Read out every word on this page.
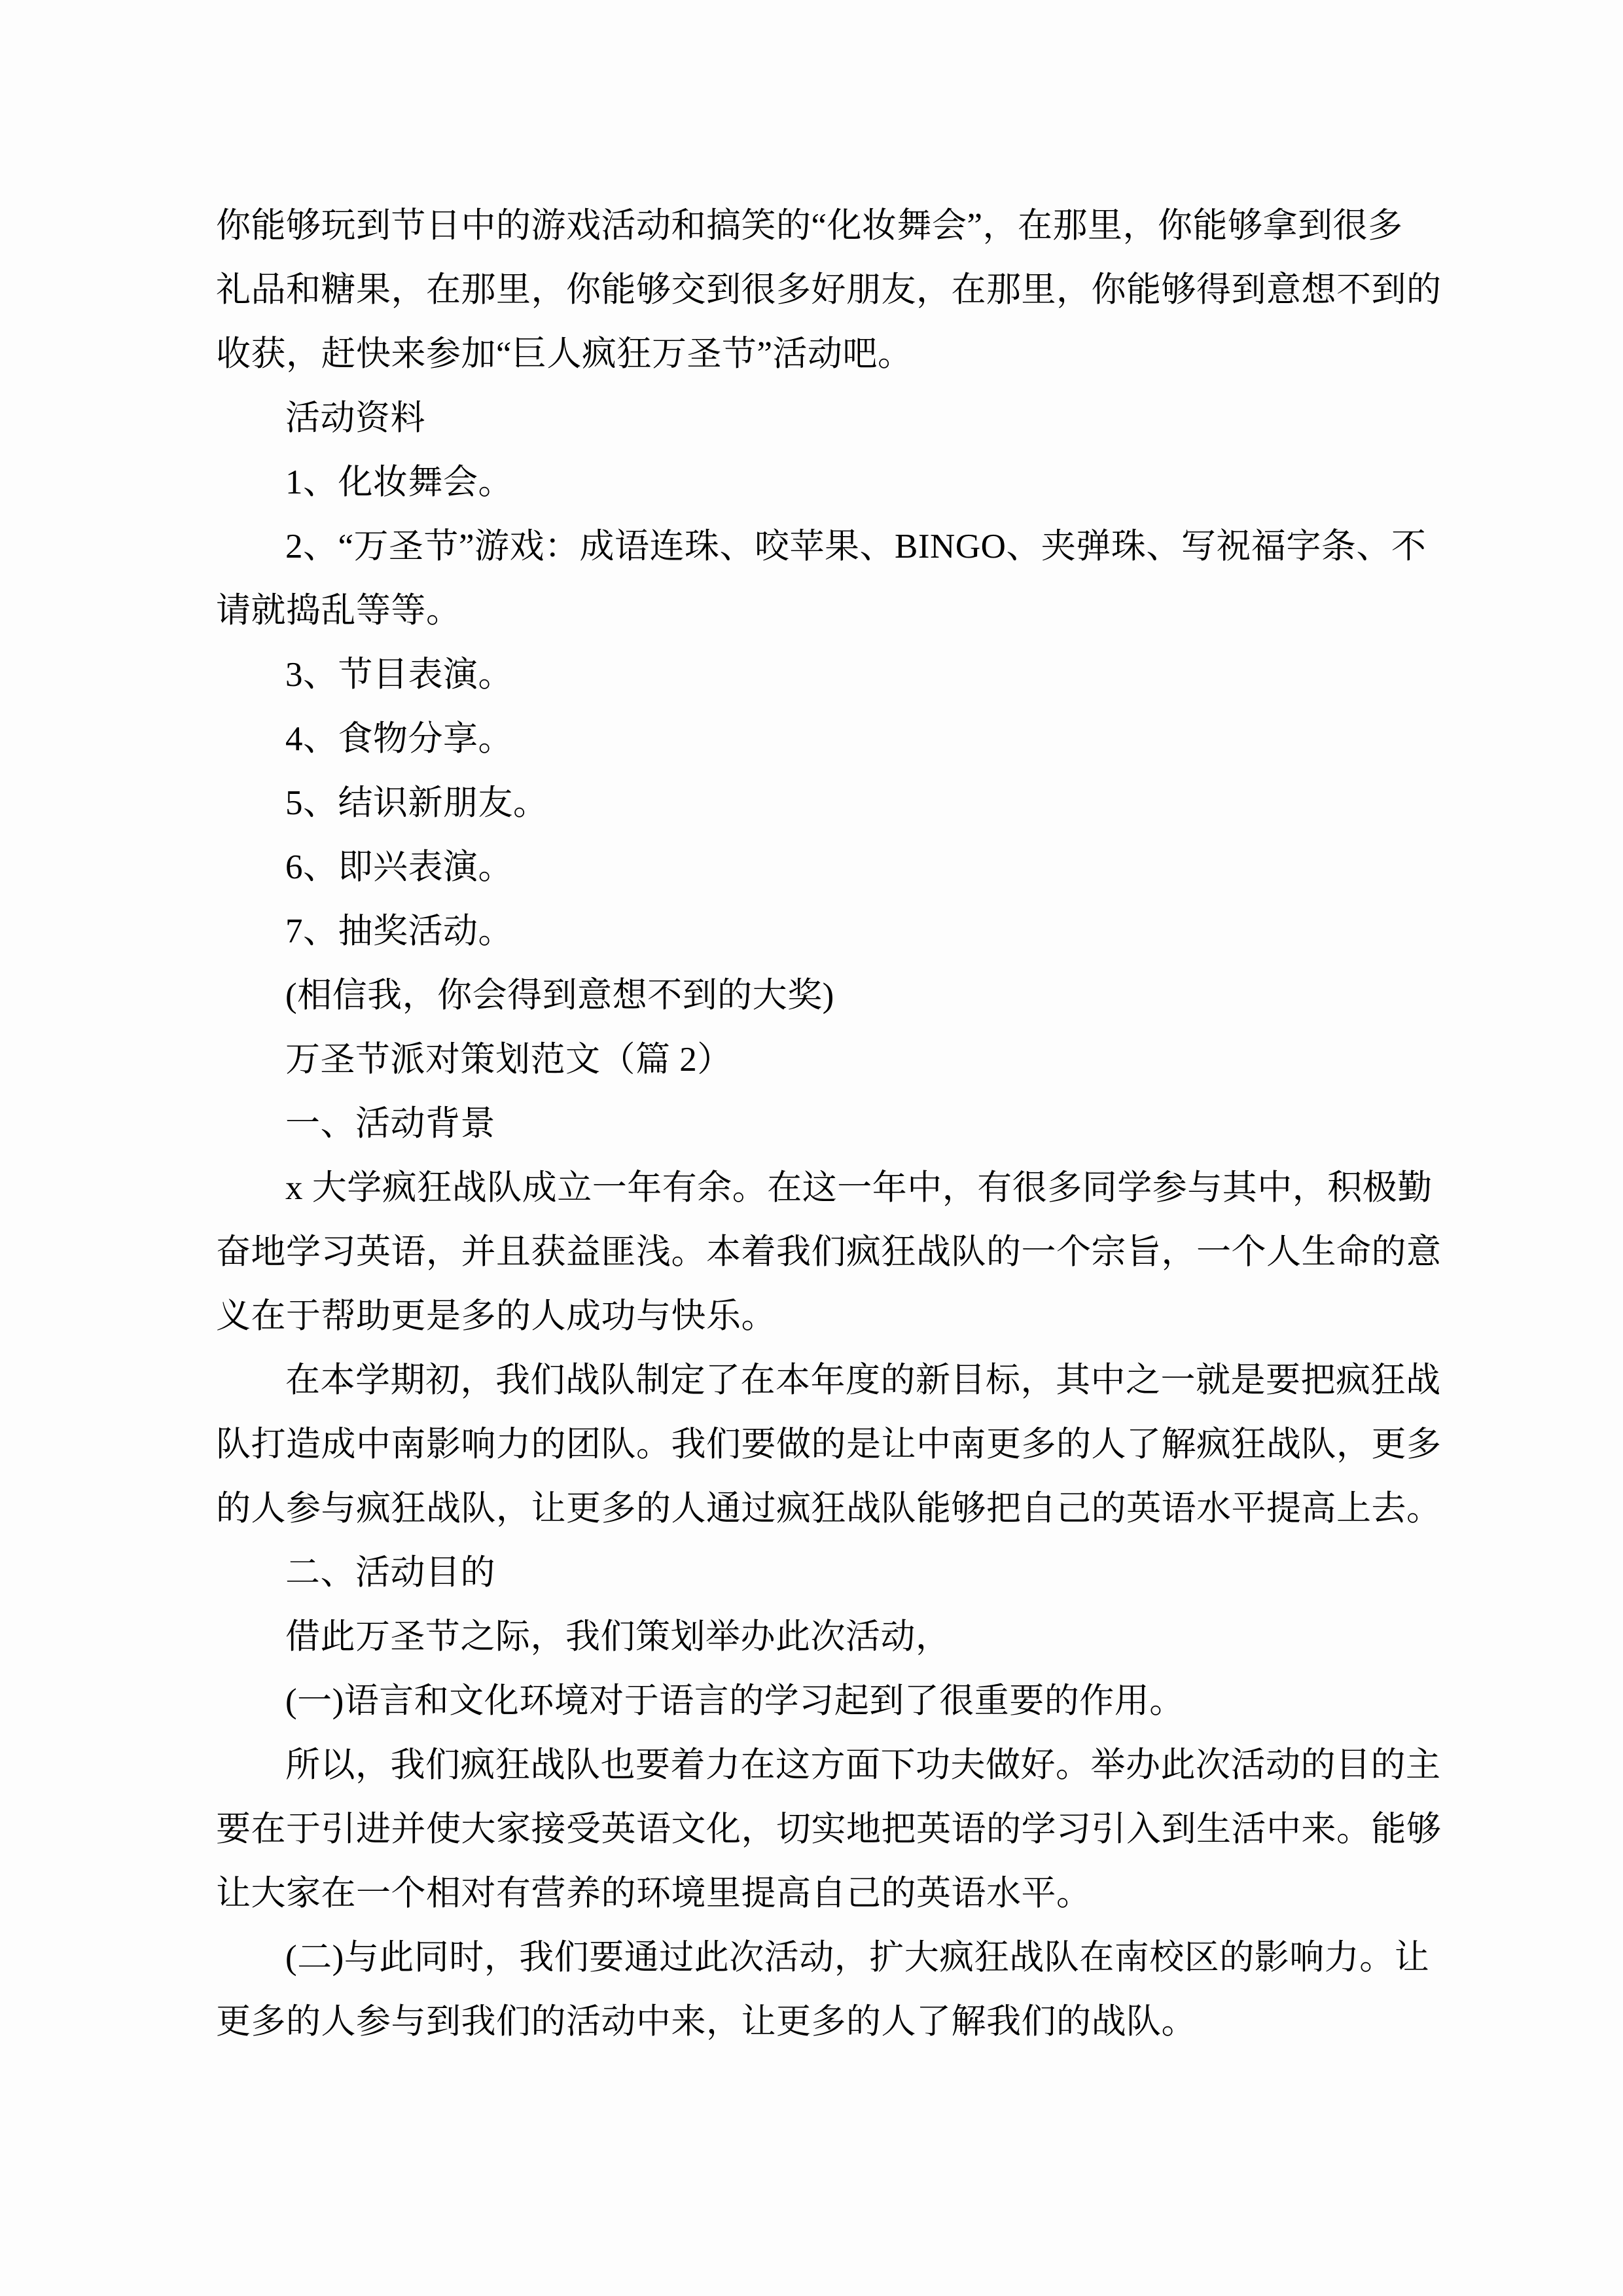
你能够玩到节日中的游戏活动和搞笑的“化妆舞会”，在那里，你能够拿到很多

礼品和糖果，在那里，你能够交到很多好朋友，在那里，你能够得到意想不到的

收获，赶快来参加“巨人疯狂万圣节”活动吧。

活动资料

1、化妆舞会。

2、“万圣节”游戏：成语连珠、咬苹果、BINGO、夹弹珠、写祝福字条、不

请就捣乱等等。

3、节目表演。

4、食物分享。

5、结识新朋友。

6、即兴表演。

7、抽奖活动。

(相信我，你会得到意想不到的大奖)

万圣节派对策划范文（篇 2）

一、活动背景

x 大学疯狂战队成立一年有余。在这一年中，有很多同学参与其中，积极勤

奋地学习英语，并且获益匪浅。本着我们疯狂战队的一个宗旨，一个人生命的意

义在于帮助更是多的人成功与快乐。

在本学期初，我们战队制定了在本年度的新目标，其中之一就是要把疯狂战

队打造成中南影响力的团队。我们要做的是让中南更多的人了解疯狂战队，更多

的人参与疯狂战队，让更多的人通过疯狂战队能够把自己的英语水平提高上去。

二、活动目的

借此万圣节之际，我们策划举办此次活动，

(一)语言和文化环境对于语言的学习起到了很重要的作用。

所以，我们疯狂战队也要着力在这方面下功夫做好。举办此次活动的目的主

要在于引进并使大家接受英语文化，切实地把英语的学习引入到生活中来。能够

让大家在一个相对有营养的环境里提高自己的英语水平。

(二)与此同时，我们要通过此次活动，扩大疯狂战队在南校区的影响力。让

更多的人参与到我们的活动中来，让更多的人了解我们的战队。
